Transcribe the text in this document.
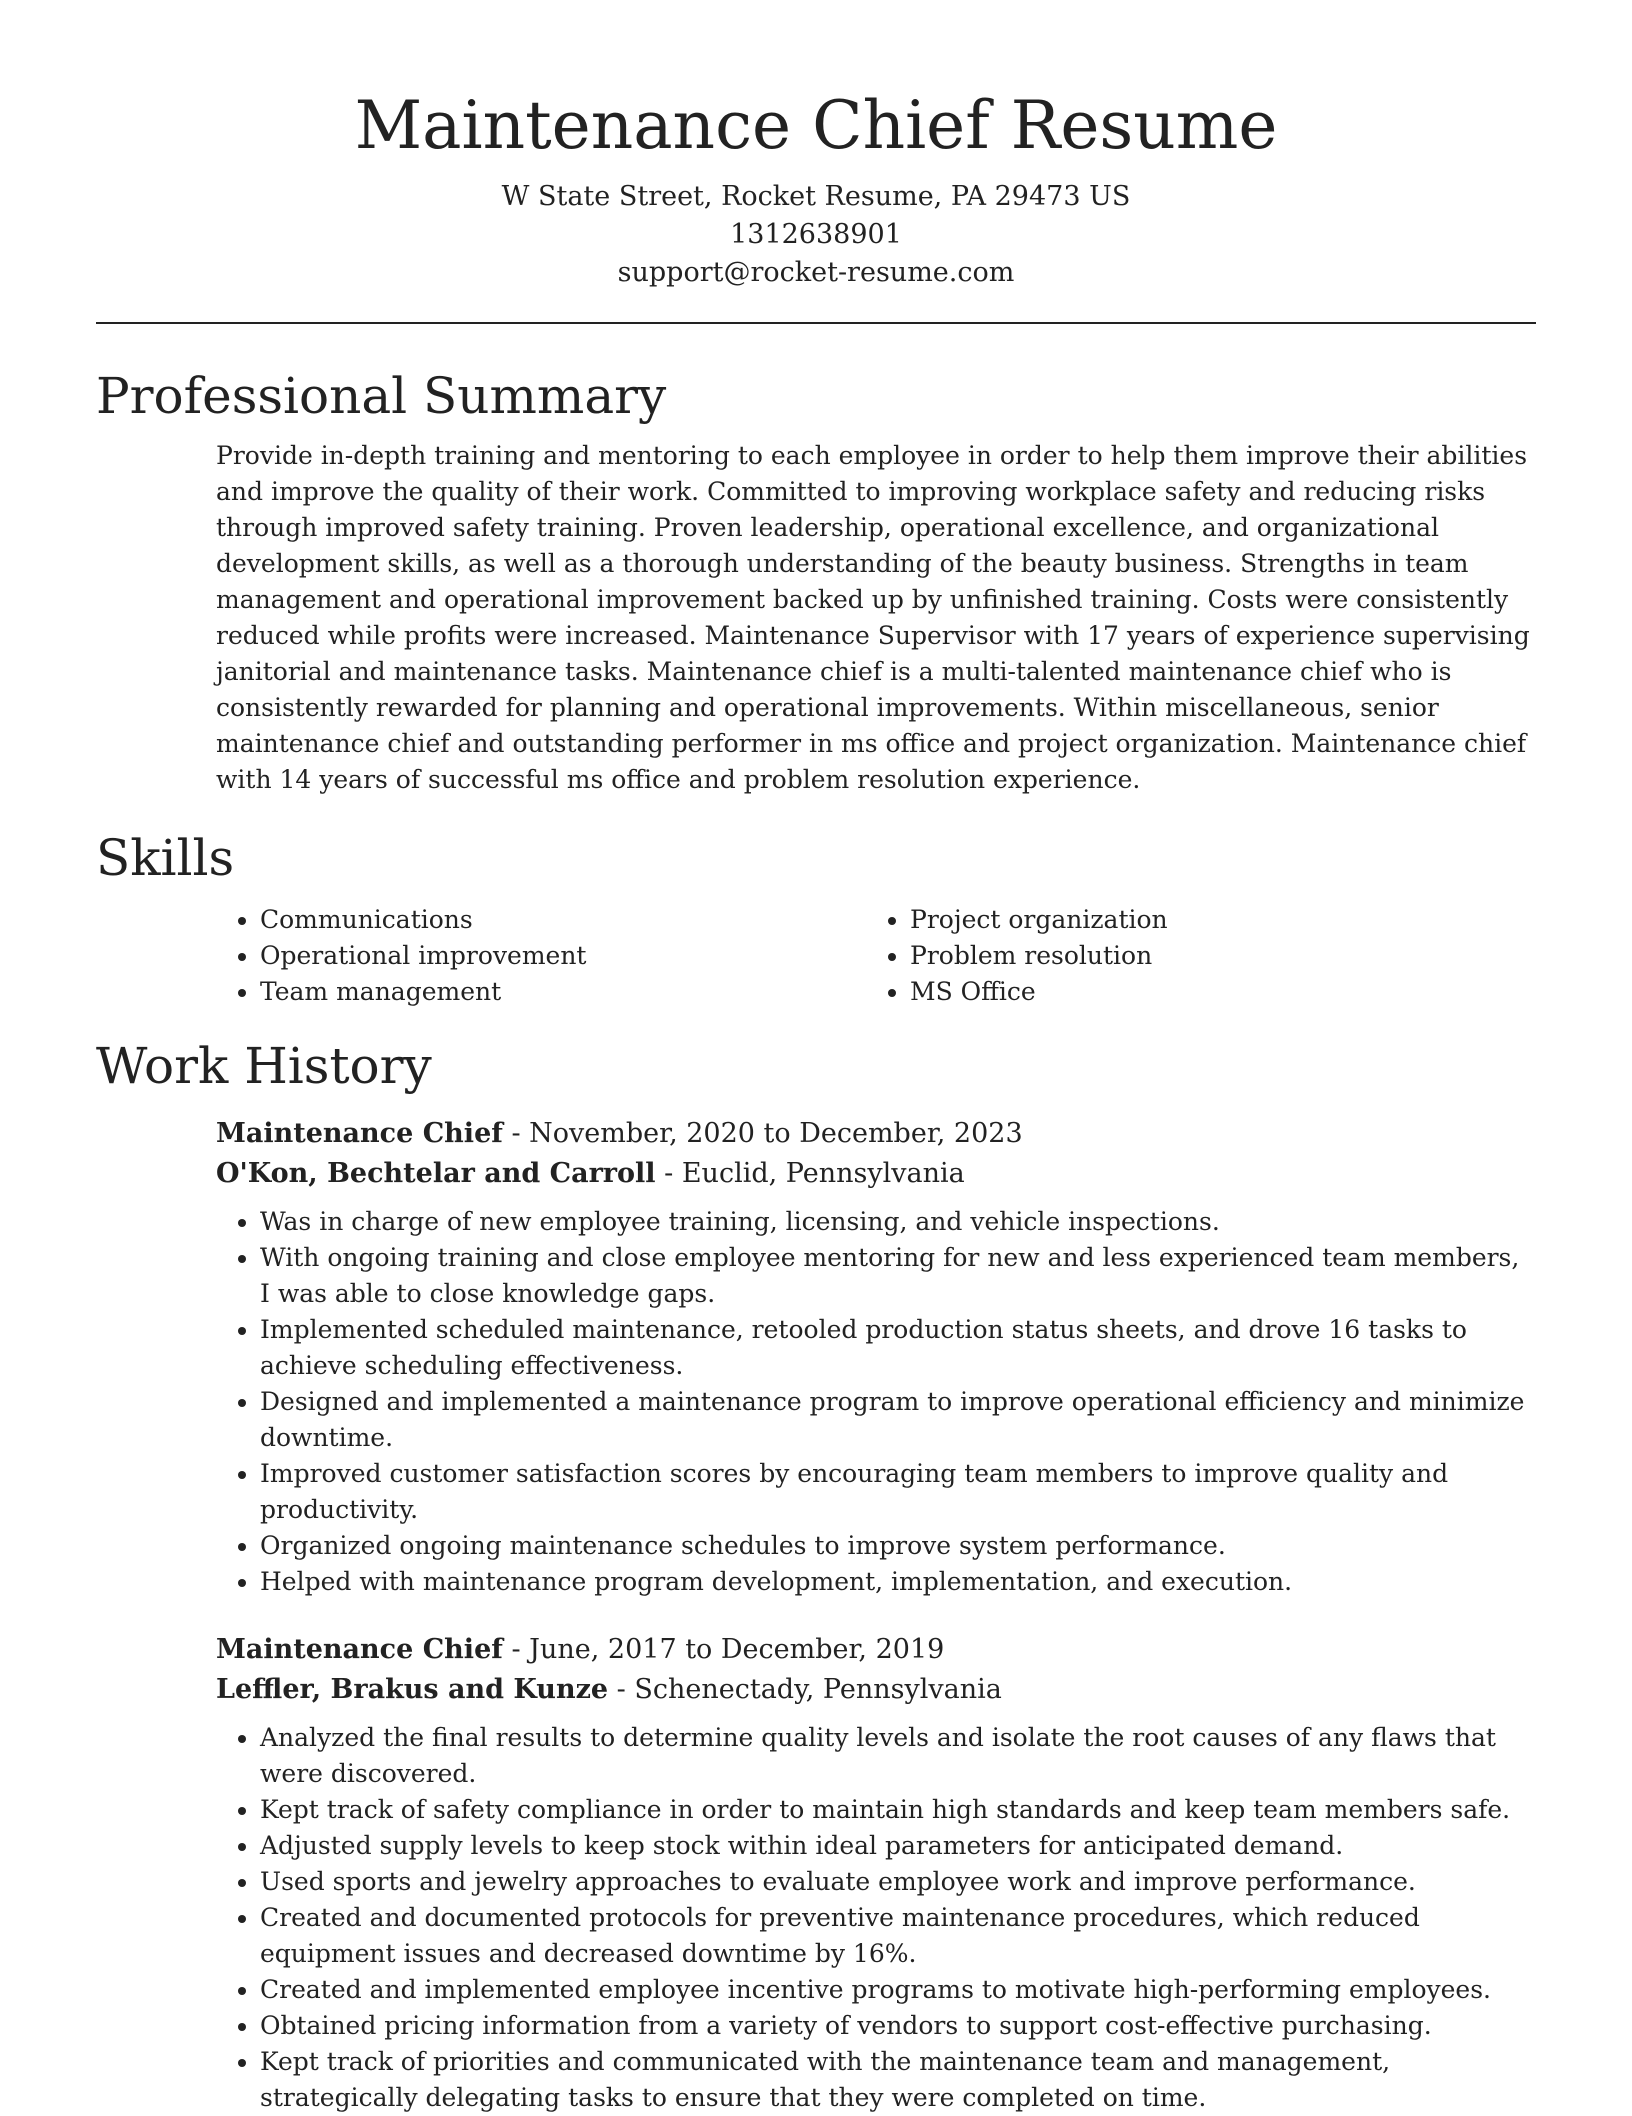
Maintenance Chief Resume
W State Street, Rocket Resume, PA 29473 US
1312638901
support@rocket-resume.com
Professional Summary
Provide in-depth training and mentoring to each employee in order to help them improve their abilities and improve the quality of their work. Committed to improving workplace safety and reducing risks through improved safety training. Proven leadership, operational excellence, and organizational development skills, as well as a thorough understanding of the beauty business. Strengths in team management and operational improvement backed up by unfinished training. Costs were consistently reduced while profits were increased. Maintenance Supervisor with 17 years of experience supervising janitorial and maintenance tasks. Maintenance chief is a multi-talented maintenance chief who is consistently rewarded for planning and operational improvements. Within miscellaneous, senior maintenance chief and outstanding performer in ms office and project organization. Maintenance chief with 14 years of successful ms office and problem resolution experience.
Skills
• Communications
• Operational improvement
• Team management
• Project organization
• Problem resolution
• MS Office
Work History
Maintenance Chief - November, 2020 to December, 2023
O'Kon, Bechtelar and Carroll - Euclid, Pennsylvania
• Was in charge of new employee training, licensing, and vehicle inspections.
• With ongoing training and close employee mentoring for new and less experienced team members, I was able to close knowledge gaps.
• Implemented scheduled maintenance, retooled production status sheets, and drove 16 tasks to achieve scheduling effectiveness.
• Designed and implemented a maintenance program to improve operational efficiency and minimize downtime.
• Improved customer satisfaction scores by encouraging team members to improve quality and productivity.
• Organized ongoing maintenance schedules to improve system performance.
• Helped with maintenance program development, implementation, and execution.
Maintenance Chief - June, 2017 to December, 2019
Leffler, Brakus and Kunze - Schenectady, Pennsylvania
• Analyzed the final results to determine quality levels and isolate the root causes of any flaws that were discovered.
• Kept track of safety compliance in order to maintain high standards and keep team members safe.
• Adjusted supply levels to keep stock within ideal parameters for anticipated demand.
• Used sports and jewelry approaches to evaluate employee work and improve performance.
• Created and documented protocols for preventive maintenance procedures, which reduced equipment issues and decreased downtime by 16%.
• Created and implemented employee incentive programs to motivate high-performing employees.
• Obtained pricing information from a variety of vendors to support cost-effective purchasing.
• Kept track of priorities and communicated with the maintenance team and management, strategically delegating tasks to ensure that they were completed on time.
